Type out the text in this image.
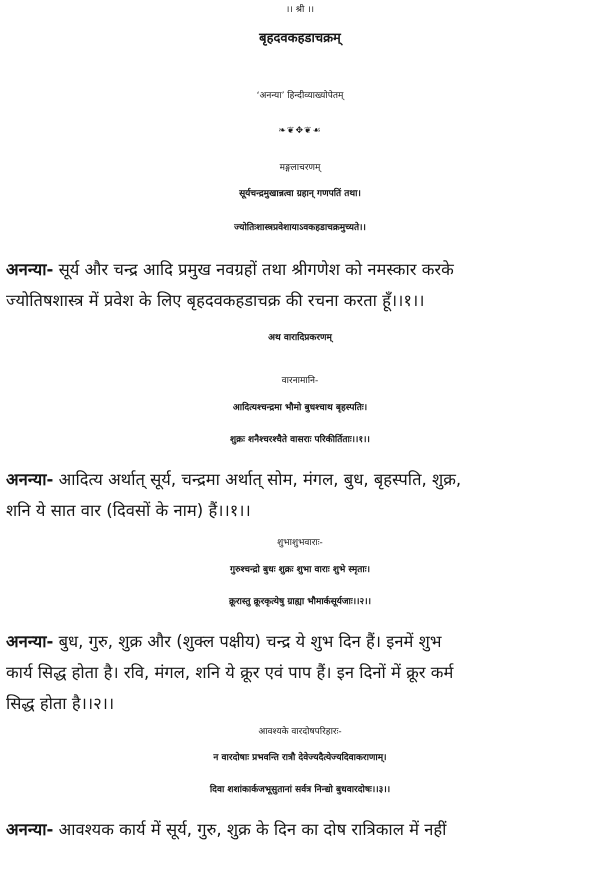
।। श्री ।।
बृहदवकहडाचक्रम्
‘अनन्या’ हिन्दीव्याख्योपेतम्
❧❦✥❦☙
मङ्गलाचरणम्
सूर्यचन्द्रमुखान्नत्वा ग्रहान् गणपतिं तथा।
ज्योतिःशास्त्रप्रवेशायाऽवकहडाचक्रमुच्यते।।
अनन्या- सूर्य और चन्द्र आदि प्रमुख नवग्रहों तथा श्रीगणेश को नमस्कार करके
ज्योतिषशास्त्र में प्रवेश के लिए बृहदवकहडाचक्र की रचना करता हूँ।।१।।
अथ वारादिप्रकरणम्
वारनामानि-
आदित्यश्चन्द्रमा भौमो बुधश्चाथ बृहस्पतिः।
शुक्रः शनैश्चरश्चैते वासराः परिकीर्तिताः।।१।।
अनन्या- आदित्य अर्थात् सूर्य, चन्द्रमा अर्थात् सोम, मंगल, बुध, बृहस्पति, शुक्र,
शनि ये सात वार (दिवसों के नाम) हैं।।१।।
शुभाशुभवाराः-
गुरुश्चन्द्रो बुधः शुक्रः शुभा वाराः शुभे स्मृताः।
क्रूरास्तु क्रूरकृत्येषु ग्राह्या भौमार्कसूर्यजाः।।२।।
अनन्या- बुध, गुरु, शुक्र और (शुक्ल पक्षीय) चन्द्र ये शुभ दिन हैं। इनमें शुभ
कार्य सिद्ध होता है। रवि, मंगल, शनि ये क्रूर एवं पाप हैं। इन दिनों में क्रूर कर्म
सिद्ध होता है।।२।।
आवश्यके वारदोषपरिहारः-
न वारदोषाः प्रभवन्ति रात्रौ देवेज्यदैत्येज्यदिवाकराणाम्।
दिवा शशांकार्कजभूसुतानां सर्वत्र निन्द्यो बुधवारदोषः।।३।।
अनन्या- आवश्यक कार्य में सूर्य, गुरु, शुक्र के दिन का दोष रात्रिकाल में नहीं
